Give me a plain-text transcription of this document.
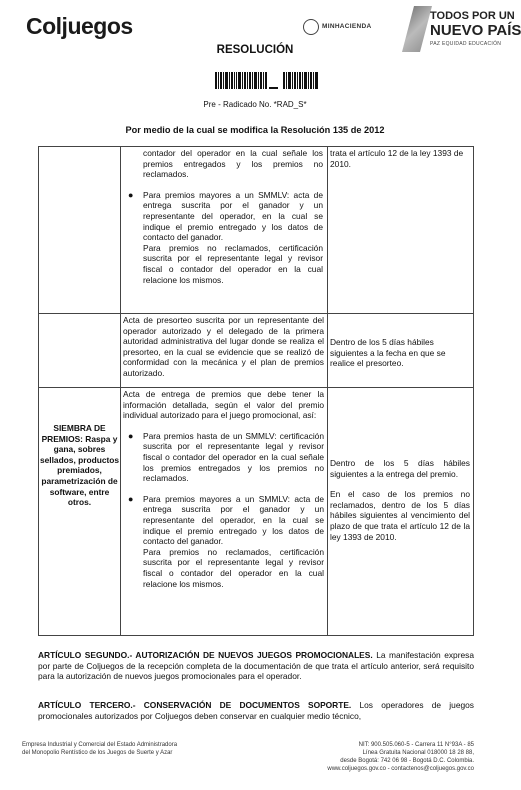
Coljuegos	MINHACIENDA
TODOS POR UN
NUEVO PAÍS
PAZ EQUIDAD EDUCACIÓN
RESOLUCIÓN
Pre - Radicado No. *RAD_S*
Por medio de la cual se modifica la Resolución 135 de 2012
contador del operador en la cual señale los premios entregados y los premios no reclamados.
● Para premios mayores a un SMMLV: acta de entrega suscrita por el ganador y un representante del operador, en la cual se indique el premio entregado y los datos de contacto del ganador.
Para premios no reclamados, certificación suscrita por el representante legal y revisor fiscal o contador del operador en la cual relacione los mismos.
trata el artículo 12 de la ley 1393 de 2010.
Acta de presorteo suscrita por un representante del operador autorizado y el delegado de la primera autoridad administrativa del lugar donde se realiza el presorteo, en la cual se evidencie que se realizó de conformidad con la mecánica y el plan de premios autorizado.
Dentro de los 5 días hábiles siguientes a la fecha en que se realice el presorteo.
SIEMBRA DE PREMIOS: Raspa y gana, sobres sellados, productos premiados, parametrización de software, entre otros.
Acta de entrega de premios que debe tener la información detallada, según el valor del premio individual autorizado para el juego promocional, así:
● Para premios hasta de un SMMLV: certificación suscrita por el representante legal y revisor fiscal o contador del operador en la cual señale los premios entregados y los premios no reclamados.
● Para premios mayores a un SMMLV: acta de entrega suscrita por el ganador y un representante del operador, en la cual se indique el premio entregado y los datos de contacto del ganador.
Para premios no reclamados, certificación suscrita por el representante legal y revisor fiscal o contador del operador en la cual relacione los mismos.
Dentro de los 5 días hábiles siguientes a la entrega del premio.
En el caso de los premios no reclamados, dentro de los 5 días hábiles siguientes al vencimiento del plazo de que trata el artículo 12 de la ley 1393 de 2010.
ARTÍCULO SEGUNDO.- AUTORIZACIÓN DE NUEVOS JUEGOS PROMOCIONALES. La manifestación expresa por parte de Coljuegos de la recepción completa de la documentación de que trata el artículo anterior, será requisito para la autorización de nuevos juegos promocionales para el operador.
ARTÍCULO TERCERO.- CONSERVACIÓN DE DOCUMENTOS SOPORTE. Los operadores de juegos promocionales autorizados por Coljuegos deben conservar en cualquier medio técnico,
Empresa Industrial y Comercial del Estado Administradora
del Monopolio Rentístico de los Juegos de Suerte y Azar
NIT: 900.505.060-5 - Carrera 11 N°93A - 85
Línea Gratuita Nacional 018000 18 28 88,
desde Bogotá: 742 06 98 - Bogotá D.C. Colombia.
www.coljuegos.gov.co - contactenos@coljuegos.gov.co
